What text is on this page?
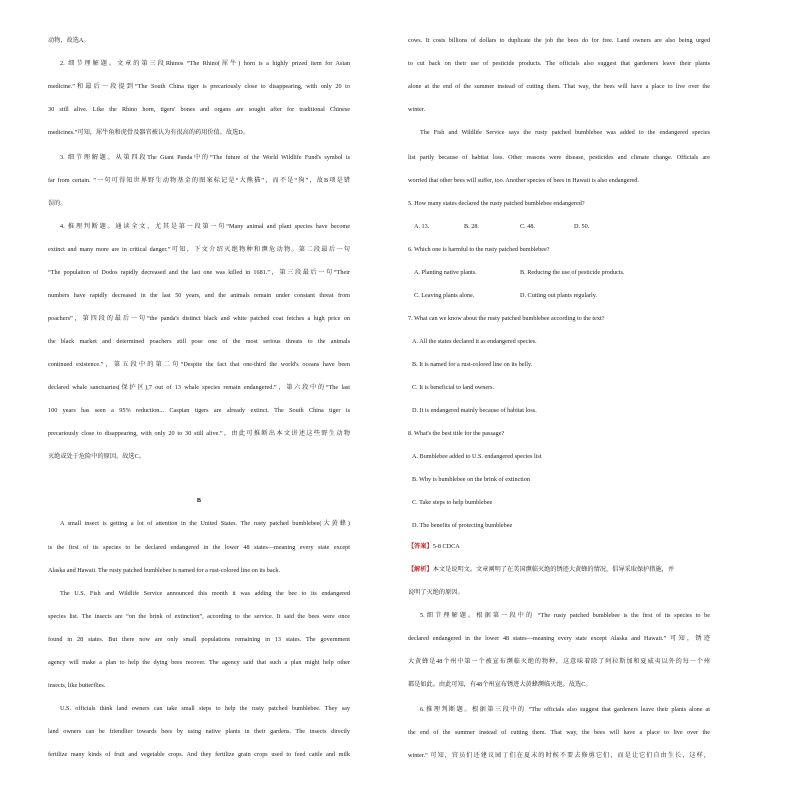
动物，故选A。
2. 细节理解题。文章的第三段Rhinos “The Rhino(犀牛) horn is a highly prized item for Asian
medicine.”和最后一段提到“The South China tiger is precariously close to disappearing, with only 20 to
30 still alive. Like the Rhino horn, tigers' bones and organs are sought after for traditional Chinese
medicines.”可知，犀牛角和虎骨及器官被认为有很高的药用价值。故选D。
3. 细节理解题。从第四段The Giant Panda中的“The future of the World Wildlife Fund's symbol is
far from certain. ”一句可得知世界野生动物基金的图案标记是“大熊猫”，而不是“狗”，故B项是错
误的。
4. 推理判断题。通读全文，尤其是第一段第一句“Many animal and plant species have become
extinct and many more are in critical danger.”可知，下文介绍灭绝物种和濒危动物。第二段最后一句
“The population of Dodos rapidly decreased and the last one was killed in 1681.”，第三段最后一句“Their
numbers have rapidly decreased in the last 50 years, and the animals remain under constant threat from
poachers”，第四段的最后一句“the panda's distinct black and white patched coat fetches a high price on
the black market and determined poachers still pose one of the most serious threats to the animals
continued existence.”，第五段中的第二句“Despite the fact that one-third the world's oceans have been
declared whale sanctuaries(保护区),7 out of 13 whale species remain endangered.”，第六段中的“The last
100 years has seen a 95% reduction... Caspian tigers are already extinct. The South China tiger is
precariously close to disappearing, with only 20 to 30 still alive.”，由此可推断出本文讲述这些野生动物
灭绝或处于危险中的原因。故选C。
A small insect is getting a lot of attention in the United States. The rusty patched bumblebee(大黄蜂)
is the first of its species to be declared endangered in the lower 48 states—meaning every state except
Alaska and Hawaii. The rusty patched bumblebee is named for a rust-colored line on its back.
The U.S. Fish and Wildlife Service announced this month it was adding the bee to its endangered
species list. The insects are “on the brink of extinction”, according to the service. It said the bees were once
found in 28 states. But there now are only small populations remaining in 13 states. The government
agency will make a plan to help the dying bees recover. The agency said that such a plan might help other
insects, like butterflies.
U.S. officials think land owners can take small steps to help the rusty patched bumblebee. They say
land owners can be friendlier towards bees by using native plants in their gardens. The insects directly
fertilize many kinds of fruit and vegetable crops. And they fertilize grain crops used to feed cattle and milk
B
cows. It costs billions of dollars to duplicate the job the bees do for free. Land owners are also being urged
to cut back on their use of pesticide products. The officials also suggest that gardeners leave their plants
alone at the end of the summer instead of cutting them. That way, the bees will have a place to live over the
winter.
The Fish and Wildlife Service says the rusty patched bumblebee was added to the endangered species
list partly because of habitat loss. Other reasons were disease, pesticides and climate change. Officials are
worried that other bees will suffer, too. Another species of bees in Hawaii is also endangered.
5. How many states declared the rusty patched bumblebee endangered?
6. Which one is harmful to the rusty patched bumblebee?
7. What can we know about the rusty patched bumblebee according to the text?
A. All the states declared it as endangered species.
B. It is named for a rust-colored line on its belly.
C. It is beneficial to land owners.
D. It is endangered mainly because of habitat loss.
8. What's the best title for the passage?
A. Bumblebee added to U.S. endangered species list
B. Why is bumblebee on the brink of extinction
C. Take steps to help bumblebee
D. The benefits of protecting bumblebee
说明了灭绝的原因。
5.细节理解题。根据第一段中的 “The rusty patched bumblebee is the first of its species to be
declared endangered in the lower 48 states—meaning every state except Alaska and Hawaii.” 可知，锈迹
大黄蜂是48个州中第一个被宣布濒临灭绝的物种，这意味着除了阿拉斯加和夏威夷以外的每一个州
都是如此。由此可知，有48个州宣布锈迹大黄蜂濒临灭绝。故选C。
6.推理判断题。根据第三段中的 “The officials also suggest that gardeners leave their plants alone at
the end of the summer instead of cutting them. That way, the bees will have a place to live over the
winter.” 可知，官员们还建议园丁们在夏末的时候不要去修剪它们，而是让它们自由生长，这样，
A. 13.	B. 28.	C. 48.	D. 50.
A. Planting native plants.	B. Reducing the use of pesticide products.
C. Leaving plants alone.	D. Cutting out plants regularly.
【答案】5-8 CDCA
【解析】本文是说明文。文章阐明了在美国濒临灭绝的锈迹大黄蜂的情况，倡导采取保护措施，并
